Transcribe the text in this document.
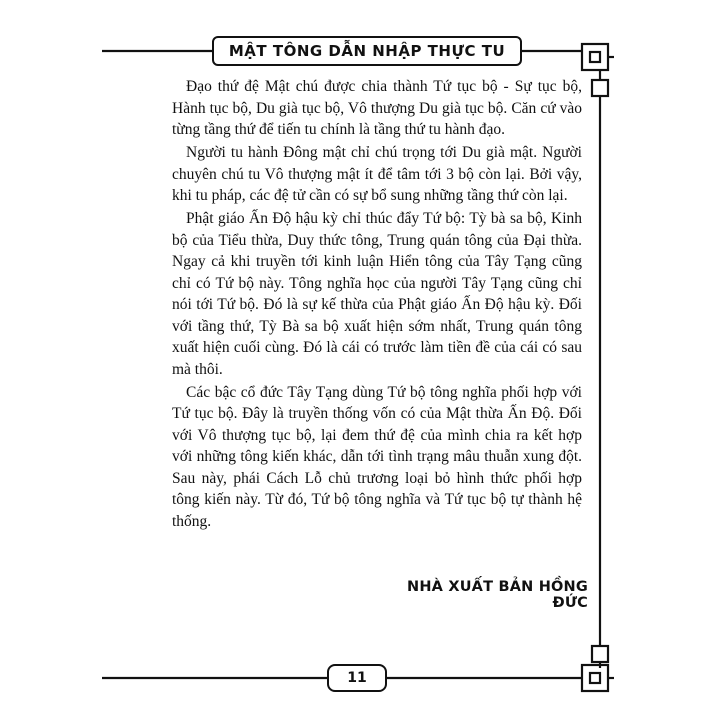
MẬT TÔNG DẪN NHẬP THỰC TU

Đạo thứ đệ Mật chú được chia thành Tứ tục bộ - Sự tục bộ, Hành tục bộ, Du già tục bộ, Vô thượng Du già tục bộ. Căn cứ vào từng tầng thứ để tiến tu chính là tầng thứ tu hành đạo.

Người tu hành Đông mật chỉ chú trọng tới Du già mật. Người chuyên chú tu Vô thượng mật ít để tâm tới 3 bộ còn lại. Bởi vậy, khi tu pháp, các đệ tử cần có sự bổ sung những tầng thứ còn lại.

Phật giáo Ấn Độ hậu kỳ chỉ thúc đẩy Tứ bộ: Tỳ bà sa bộ, Kinh bộ của Tiểu thừa, Duy thức tông, Trung quán tông của Đại thừa. Ngay cả khi truyền tới kinh luận Hiển tông của Tây Tạng cũng chỉ có Tứ bộ này. Tông nghĩa học của người Tây Tạng cũng chỉ nói tới Tứ bộ. Đó là sự kế thừa của Phật giáo Ấn Độ hậu kỳ. Đối với tầng thứ, Tỳ Bà sa bộ xuất hiện sớm nhất, Trung quán tông xuất hiện cuối cùng. Đó là cái có trước làm tiền đề của cái có sau mà thôi.

Các bậc cổ đức Tây Tạng dùng Tứ bộ tông nghĩa phối hợp với Tứ tục bộ. Đây là truyền thống vốn có của Mật thừa Ấn Độ. Đối với Vô thượng tục bộ, lại đem thứ đệ của mình chia ra kết hợp với những tông kiến khác, dẫn tới tình trạng mâu thuẫn xung đột. Sau này, phái Cách Lỗ chủ trương loại bỏ hình thức phối hợp tông kiến này. Từ đó, Tứ bộ tông nghĩa và Tứ tục bộ tự thành hệ thống.

NHÀ XUẤT BẢN HỒNG ĐỨC
11
